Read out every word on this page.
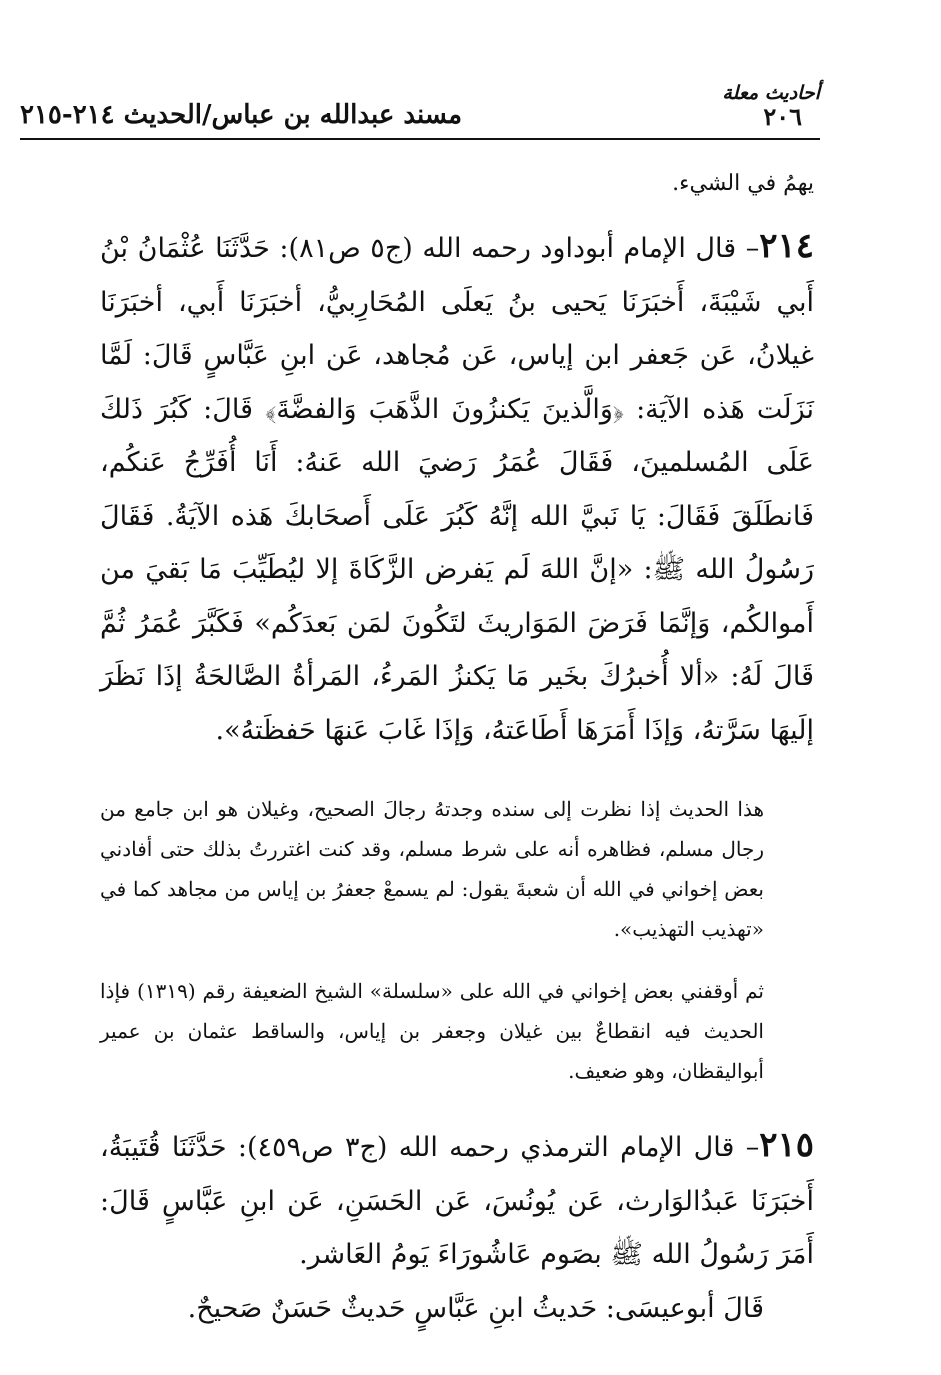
أحاديث معلة
٢٠٦
مسند عبدالله بن عباس/الحديث ٢١٤-٢١٥

يهمُ في الشيء.

٢١٤– قال الإمام أبوداود رحمه الله (ج٥ ص٨١): حَدَّثَنَا عُثْمَانُ بْنُ أَبي شَيْبَةَ، أَخبَرَنَا يَحيى بنُ يَعلَى المُحَارِبيُّ، أخبَرَنَا أَبي، أخبَرَنَا غيلانُ، عَن جَعفر ابن إياس، عَن مُجاهد، عَن ابنِ عَبَّاسٍ قَالَ: لَمَّا نَزَلَت هَذه الآيَة: ﴿وَالَّذينَ يَكنزُونَ الذَّهَبَ وَالفضَّةَ﴾ قَالَ: كَبُرَ ذَلكَ عَلَى المُسلمينَ، فَقَالَ عُمَرُ رَضيَ الله عَنهُ: أَنَا أُفَرِّجُ عَنكُم، فَانطَلَقَ فَقَالَ: يَا نَبيَّ الله إنَّهُ كَبُرَ عَلَى أَصحَابكَ هَذه الآيَةُ. فَقَالَ رَسُولُ الله ﷺ: «إنَّ اللهَ لَم يَفرض الزَّكَاةَ إلا ليُطَيِّبَ مَا بَقيَ من أَموالكُم، وَإنَّمَا فَرَضَ المَوَاريثَ لتَكُونَ لمَن بَعدَكُم» فَكَبَّرَ عُمَرُ ثُمَّ قَالَ لَهُ: «ألا أُخبرُكَ بخَير مَا يَكنزُ المَرءُ، المَرأةُ الصَّالحَةُ إذَا نَظَرَ إلَيهَا سَرَّتهُ، وَإذَا أَمَرَهَا أَطَاعَتهُ، وَإذَا غَابَ عَنهَا حَفظَتهُ».

هذا الحديث إذا نظرت إلى سنده وجدتهُ رجالَ الصحيح، وغيلان هو ابن جامع من رجال مسلم، فظاهره أنه على شرط مسلم، وقد كنت اغتررتُ بذلك حتى أفادني بعض إخواني في الله أن شعبةَ يقول: لم يسمعْ جعفرُ بن إياس من مجاهد كما في «تهذيب التهذيب».

ثم أوقفني بعض إخواني في الله على «سلسلة» الشيخ الضعيفة رقم (١٣١٩) فإذا الحديث فيه انقطاعٌ بين غيلان وجعفر بن إياس، والساقط عثمان بن عمير أبواليقظان، وهو ضعيف.

٢١٥– قال الإمام الترمذي رحمه الله (ج٣ ص٤٥٩): حَدَّثَنَا قُتَيبَةُ، أَخبَرَنَا عَبدُالوَارث، عَن يُونُسَ، عَن الحَسَنِ، عَن ابنِ عَبَّاسٍ قَالَ: أَمَرَ رَسُولُ الله ﷺ بصَوم عَاشُورَاءَ يَومُ العَاشر.

قَالَ أبوعيسَى: حَديثُ ابنِ عَبَّاسٍ حَديثٌ حَسَنٌ صَحيحٌ.
